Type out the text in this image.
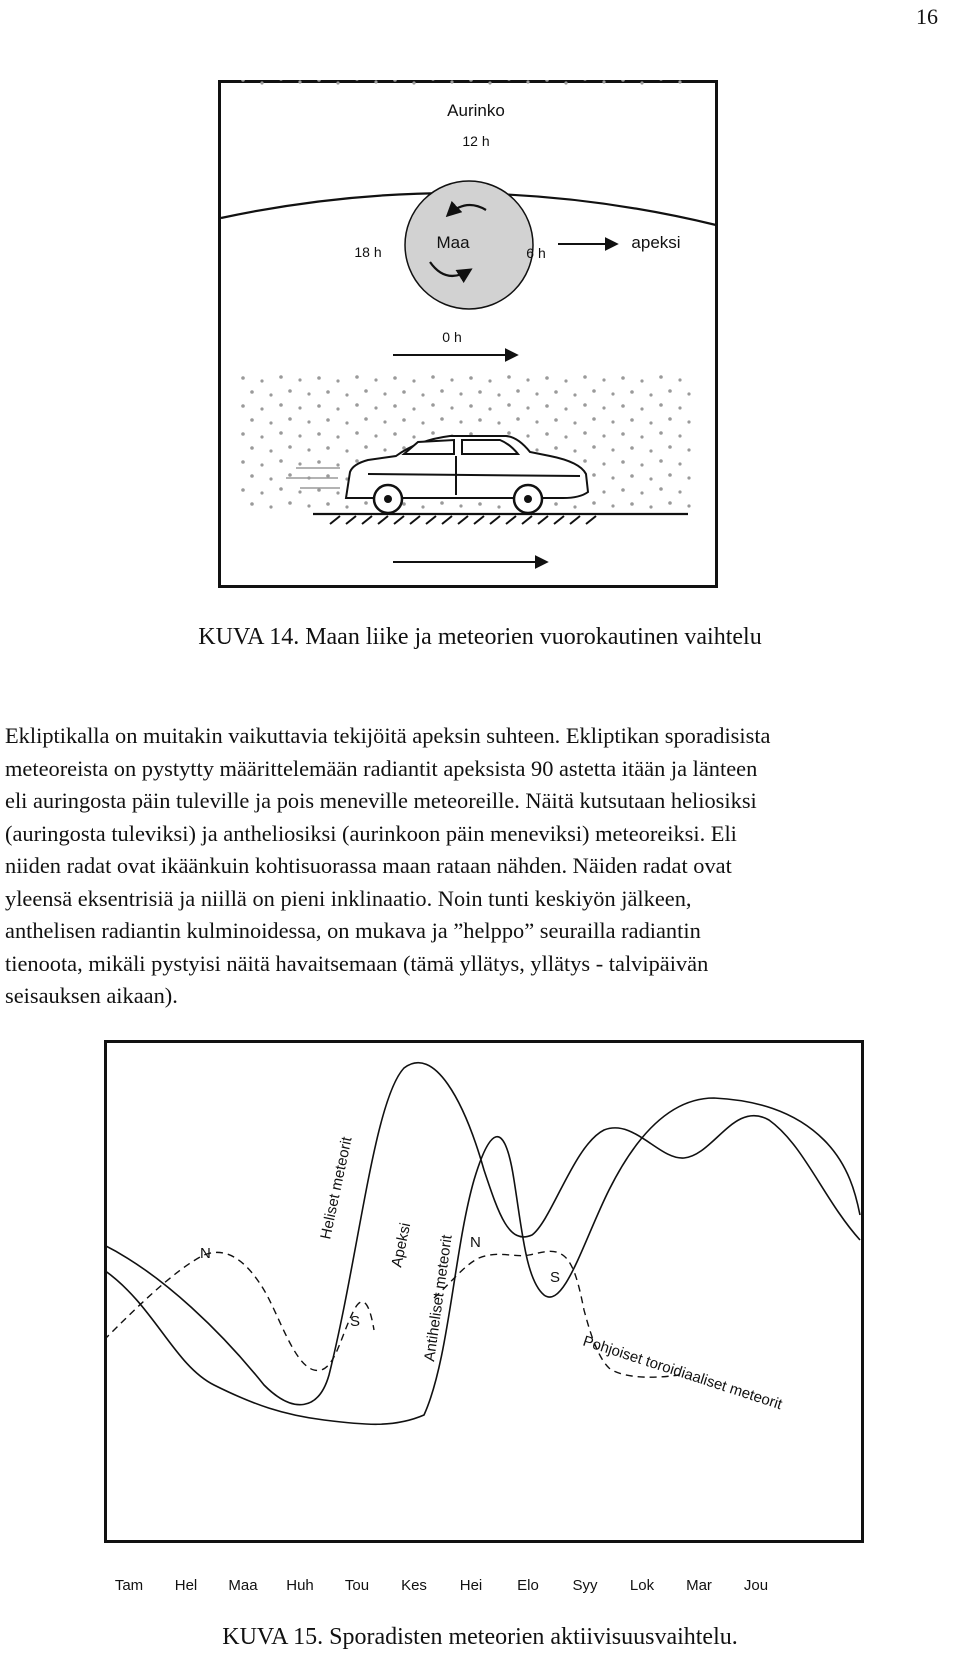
16
Aurinko
12 h
Maa
18 h	6 h
apeksi
0 h
KUVA 14. Maan liike ja meteorien vuorokautinen vaihtelu

Ekliptikalla on muitakin vaikuttavia tekijöitä apeksin suhteen. Ekliptikan sporadisista
meteoreista on pystytty määrittelemään radiantit apeksista 90 astetta itään ja länteen
eli auringosta päin tuleville ja pois meneville meteoreille. Näitä kutsutaan heliosiksi
(auringosta tuleviksi) ja antheliosiksi (aurinkoon päin meneviksi) meteoreiksi. Eli
niiden radat ovat ikäänkuin kohtisuorassa maan rataan nähden. Näiden radat ovat
yleensä eksentrisiä ja niillä on pieni inklinaatio. Noin tunti keskiyön jälkeen,
anthelisen radiantin kulminoidessa, on mukava ja ”helppo” seurailla radiantin
tienoota, mikäli pystyisi näitä havaitsemaan (tämä yllätys, yllätys - talvipäivän
seisauksen aikaan).

Heliset meteorit
Apeksi Antiheliset meteorit
Pohjoiset toroidiaaliset meteorit
N
S
N
S
Tam Hel Maa Huh Tou Kes Hei Elo Syy Lok Mar Jou
KUVA 15. Sporadisten meteorien aktiivisuusvaihtelu.
